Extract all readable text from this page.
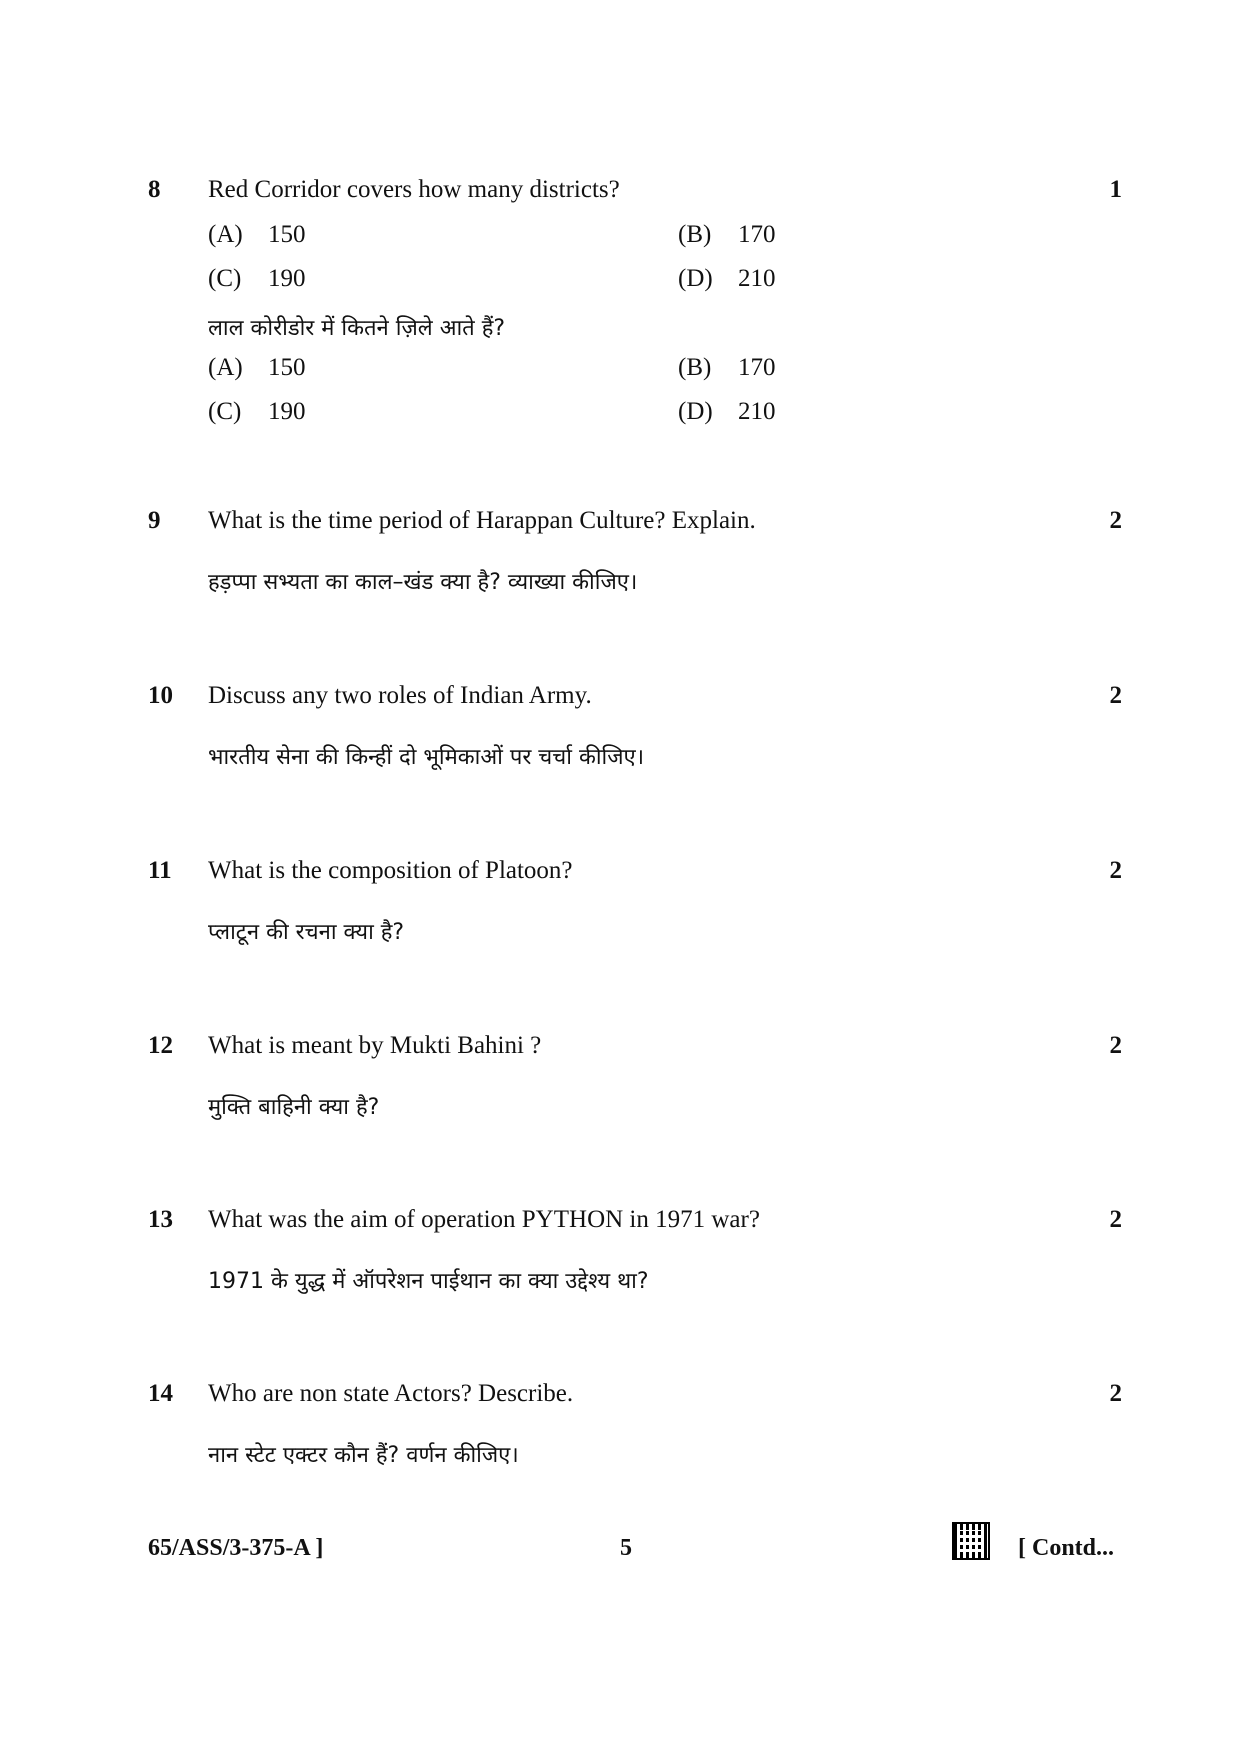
8 Red Corridor covers how many districts?	1
(A) 150	(B) 170
(C) 190	(D) 210
लाल कोरीडोर में कितने ज़िले आते हैं?
(A) 150	(B) 170
(C) 190	(D) 210
9 What is the time period of Harappan Culture? Explain.	2
हड़प्पा सभ्यता का काल–खंड क्या है? व्याख्या कीजिए।
10 Discuss any two roles of Indian Army.	2
भारतीय सेना की किन्हीं दो भूमिकाओं पर चर्चा कीजिए।
11 What is the composition of Platoon?	2
प्लाटून की रचना क्या है?
12 What is meant by Mukti Bahini ?	2
मुक्ति बाहिनी क्या है?
13 What was the aim of operation PYTHON in 1971 war?	2
1971 के युद्ध में ऑपरेशन पाईथान का क्या उद्देश्य था?
14 Who are non state Actors? Describe.	2
नान स्टेट एक्टर कौन हैं? वर्णन कीजिए।
65/ASS/3-375-A ]	5	[ Contd...
